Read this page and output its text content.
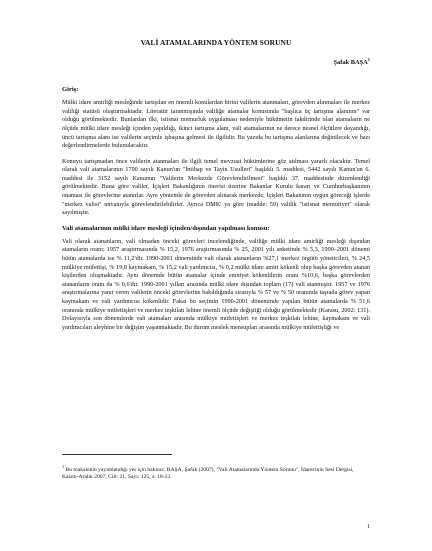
VALİ ATAMALARINDA YÖNTEM SORUNU
Şafak BAŞA$^1$
Giriş:

Mülki idare amirliği mesleğinde tartışılan en önemli konulardan birini valilerin atanmaları, görevden alınmaları ile merkez valiliği statüsü oluşturmaktadır. Literatür taranmışında valiliğe atamalar konusunda "başlıca üç tartışma alanının" var olduğu görülmektedir. Bunlardan ilki, istisnai memurluk uygulaması nedeniyle hükümetin takdirinde olan atamaların ne ölçüde mülki idare mesleği içinden yapıldığı, ikinci tartışma alanı, vali atamalarının ne derece nesnel ölçütlere dayandığı, üncü tartışma alanı ise valilerin seçimle işbaşına gelmesi ile ilgilidir. Bu yazıda bu tartışma alanlarına değinilecek ve bazı değerlendirmelerde bulunulacaktır.

Konuyu tartışmadan önce valilerin atanmaları ile ilgili temel mevzuat hükümlerine göz atılması yararlı olacaktır. Temel olarak vali atamalarının 1700 sayılı Kanun'un "İntihap ve Tayin Usulleri" başlıklı 5. maddesi, 5442 sayılı Kanun'un 6. maddesi ile 3152 sayılı Kanunun "Valilerin Merkezde Görevlendirilmesi" başlıklı 37. maddesinde düzenlendiği görülmektedir. Buna göre valiler, İçişleri Bakanlığının önerisi üzerine Bakanlar Kurulu kararı ve Cumhurbaşkanının onaması ile görevlerine atanırlar. Aynı yöntemle de görevden alınarak merkezde, İçişleri Bakanının uygun göreceği işlerde "merkez valisi" unvanıyla görevlendirilebilirler. Ayrıca DMK' ya göre (madde: 59) valilik "istisnai memuriyet" olarak sayılmıştır.

Vali atamalarının mülki idare mesleği içinden/dışından yapılması konusu:

Vali olarak atananların, vali olmadan önceki görevleri incelendiğinde, valiliğe mülki idare amirliği mesleği dışından atamaların oranı; 1957 araştırmasında % 15,2, 1976 araştırmasında % 25, 2001 yılı anketinde % 5,3, 1990–2001 dönemi bütün atamalarda ise % 11,2'dir. 1990-2001 döneminde vali olarak atananların %27,1 merkez örgütü yöneticileri, % 24,5 mülkiye müfettişi, % 19,8 kaymakam, % 15,2 vali yardımcısı, % 0,2 mülki idare amiri kökenli olup başka görevden atanan kişilerden oluşmaktadır. Aynı dönemde bütün atamalar içinde emniyet kökenlilerin oranı %10,6, başka görevlerden atananların oranı da % 0,6'dır. 1990-2001 yılları arasında mülki idare dışından toplam (17) vali atanmıştır. 1957 ve 1976 araştırmalarına yanıt veren valilerin önceki görevlerine bakıldığında sırasıyla % 57 ve % 50 oranında taşrada görev yapan kaymakam ve vali yardımcısı kökenlidir. Fakat bu seçimin 1990-2001 döneminde yapılan bütün atamalarda % 51,6 oranında mülkiye müfettişleri ve merkez teşkilatı lehine önemli ölçüde değiştiği olduğu görülmektedir (Karasu, 2002: 131). Dolayısıyla son dönemlerde vali atamaları arasında mülkiye müfettişleri ve merkez teşkilatı lehine, kaymakam ve vali yardımcıları aleyhine bir değişim yaşanmaktadır. Bu durum meslek mensupları arasında mülkiye müfettişliği ve

$^1$ Bu makalenin yayımlandığı yer için bakınız: BAŞA, Şafak (2007), "Vali Atamalarında Yöntem Sorunu", İdarecinin Sesi Dergisi, Kasım-Aralık 2007, Cilt: 21, Sayı: 125, s: 18-23.
1
